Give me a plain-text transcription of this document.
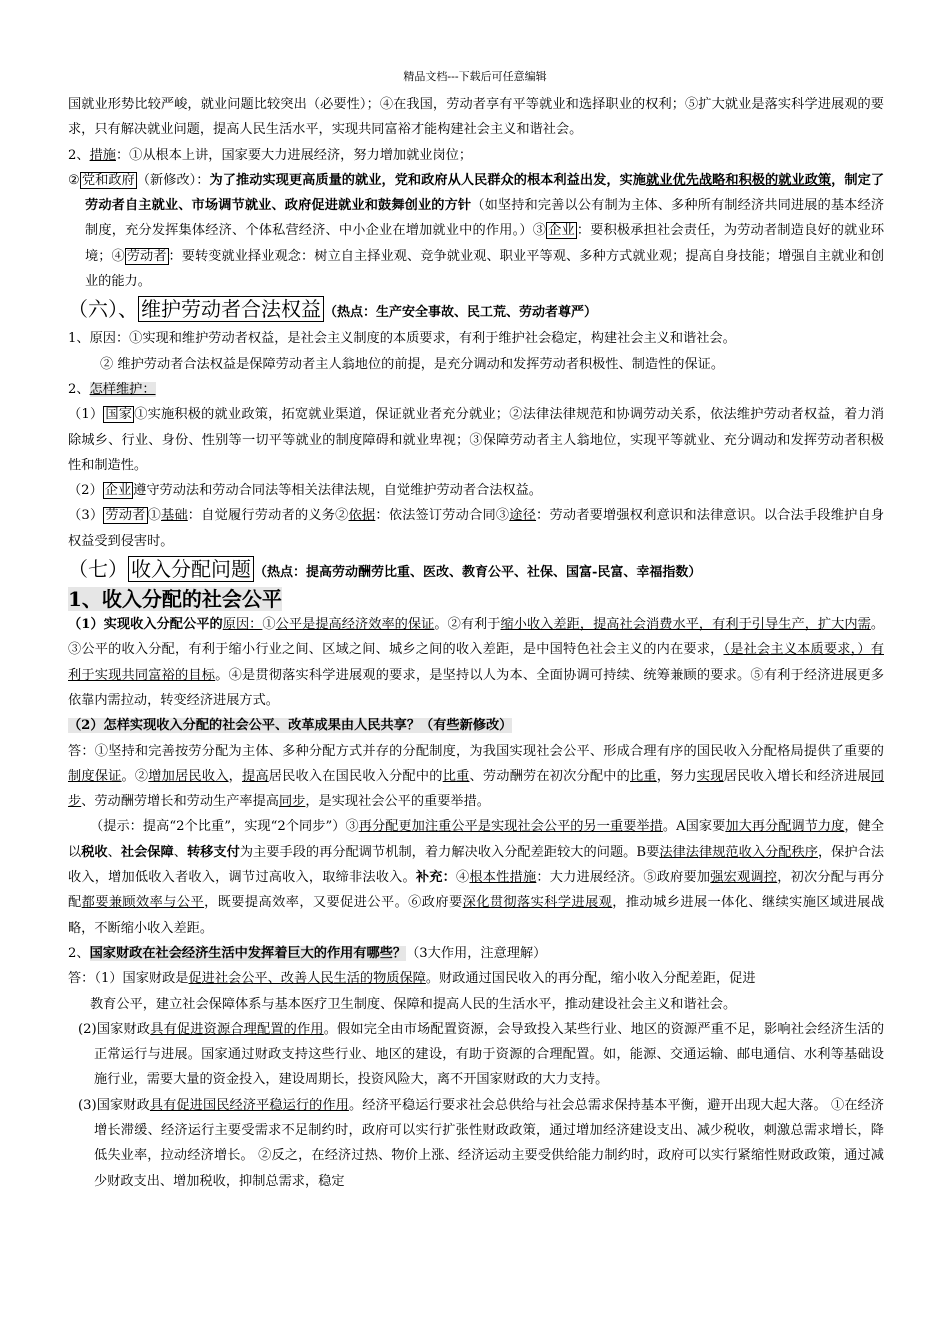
精品文档---下载后可任意编辑

国就业形势比较严峻，就业问题比较突出（必要性）；④在我国，劳动者享有平等就业和选择职业的权利；⑤扩大就业是落实科学进展观的要求，只有解决就业问题，提高人民生活水平，实现共同富裕才能构建社会主义和谐社会。

2、措施：①从根本上讲，国家要大力进展经济，努力增加就业岗位；

② 党和政府 （新修改）：为了推动实现更高质量的就业，党和政府从人民群众的根本利益出发，实施就业优先战略和积极的就业政策，制定了劳动者自主就业、市场调节就业、政府促进就业和鼓舞创业的方针（如坚持和完善以公有制为主体、多种所有制经济共同进展的基本经济制度，充分发挥集体经济、个体私营经济、中小企业在增加就业中的作用。）③ 企业 ：要积极承担社会责任，为劳动者制造良好的就业环境；④ 劳动者 ：要转变就业择业观念：树立自主择业观、竞争就业观、职业平等观、多种方式就业观；提高自身技能；增强自主就业和创业的能力。

（六）、 维护劳动者合法权益 （热点：生产安全事故、民工荒、劳动者尊严）

1、原因：①实现和维护劳动者权益，是社会主义制度的本质要求，有利于维护社会稳定，构建社会主义和谐社会。

② 维护劳动者合法权益是保障劳动者主人翁地位的前提，是充分调动和发挥劳动者积极性、制造性的保证。

2、怎样维护：

（1） 国家 ①实施积极的就业政策，拓宽就业渠道，保证就业者充分就业；②法律法律规范和协调劳动关系，依法维护劳动者权益，着力消除城乡、行业、身份、性别等一切平等就业的制度障碍和就业卑视；③保障劳动者主人翁地位，实现平等就业、充分调动和发挥劳动者积极性和制造性。

（2） 企业 遵守劳动法和劳动合同法等相关法律法规，自觉维护劳动者合法权益。

（3） 劳动者 ①基础：自觉履行劳动者的义务②依据：依法签订劳动合同③途径：劳动者要增强权利意识和法律意识。以合法手段维护自身权益受到侵害时。

（七） 收入分配问题 （热点：提高劳动酬劳比重、医改、教育公平、社保、国富-民富、幸福指数）

1、收入分配的社会公平

（1）实现收入分配公平的原因：①公平是提高经济效率的保证。②有利于缩小收入差距，提高社会消费水平，有利于引导生产，扩大内需。③公平的收入分配，有利于缩小行业之间、区域之间、城乡之间的收入差距，是中国特色社会主义的内在要求，（是社会主义本质要求，）有利于实现共同富裕的目标。④是贯彻落实科学进展观的要求，是坚持以人为本、全面协调可持续、统筹兼顾的要求。⑤有利于经济进展更多依靠内需拉动，转变经济进展方式。

（2）怎样实现收入分配的社会公平、改革成果由人民共享？（有些新修改）

答：①坚持和完善按劳分配为主体、多种分配方式并存的分配制度，为我国实现社会公平、形成合理有序的国民收入分配格局提供了重要的制度保证。②增加居民收入，提高居民收入在国民收入分配中的比重、劳动酬劳在初次分配中的比重，努力实现居民收入增长和经济进展同步、劳动酬劳增长和劳动生产率提高同步，是实现社会公平的重要举措。

（提示：提高“2个比重”，实现“2个同步”）③再分配更加注重公平是实现社会公平的另一重要举措。A国家要加大再分配调节力度，健全以税收、社会保障、转移支付为主要手段的再分配调节机制，着力解决收入分配差距较大的问题。B要法律法律规范收入分配秩序，保护合法收入，增加低收入者收入，调节过高收入，取缔非法收入。补充：④根本性措施：大力进展经济。⑤政府要加强宏观调控，初次分配与再分配都要兼顾效率与公平，既要提高效率，又要促进公平。⑥政府要深化贯彻落实科学进展观，推动城乡进展一体化、继续实施区域进展战略，不断缩小收入差距。

2、国家财政在社会经济生活中发挥着巨大的作用有哪些？（3大作用，注意理解）

答：（1）国家财政是促进社会公平、改善人民生活的物质保障。财政通过国民收入的再分配，缩小收入分配差距，促进

教育公平，建立社会保障体系与基本医疗卫生制度、保障和提高人民的生活水平，推动建设社会主义和谐社会。

(2)国家财政具有促进资源合理配置的作用。假如完全由市场配置资源，会导致投入某些行业、地区的资源严重不足，影响社会经济生活的正常运行与进展。国家通过财政支持这些行业、地区的建设，有助于资源的合理配置。如，能源、交通运输、邮电通信、水利等基础设施行业，需要大量的资金投入，建设周期长，投资风险大，离不开国家财政的大力支持。

(3)国家财政具有促进国民经济平稳运行的作用。经济平稳运行要求社会总供给与社会总需求保持基本平衡，避开出现大起大落。 ①在经济增长滞缓、经济运行主要受需求不足制约时，政府可以实行扩张性财政政策，通过增加经济建设支出、减少税收，刺激总需求增长，降低失业率，拉动经济增长。 ②反之，在经济过热、物价上涨、经济运动主要受供给能力制约时，政府可以实行紧缩性财政政策，通过减少财政支出、增加税收，抑制总需求，稳定
